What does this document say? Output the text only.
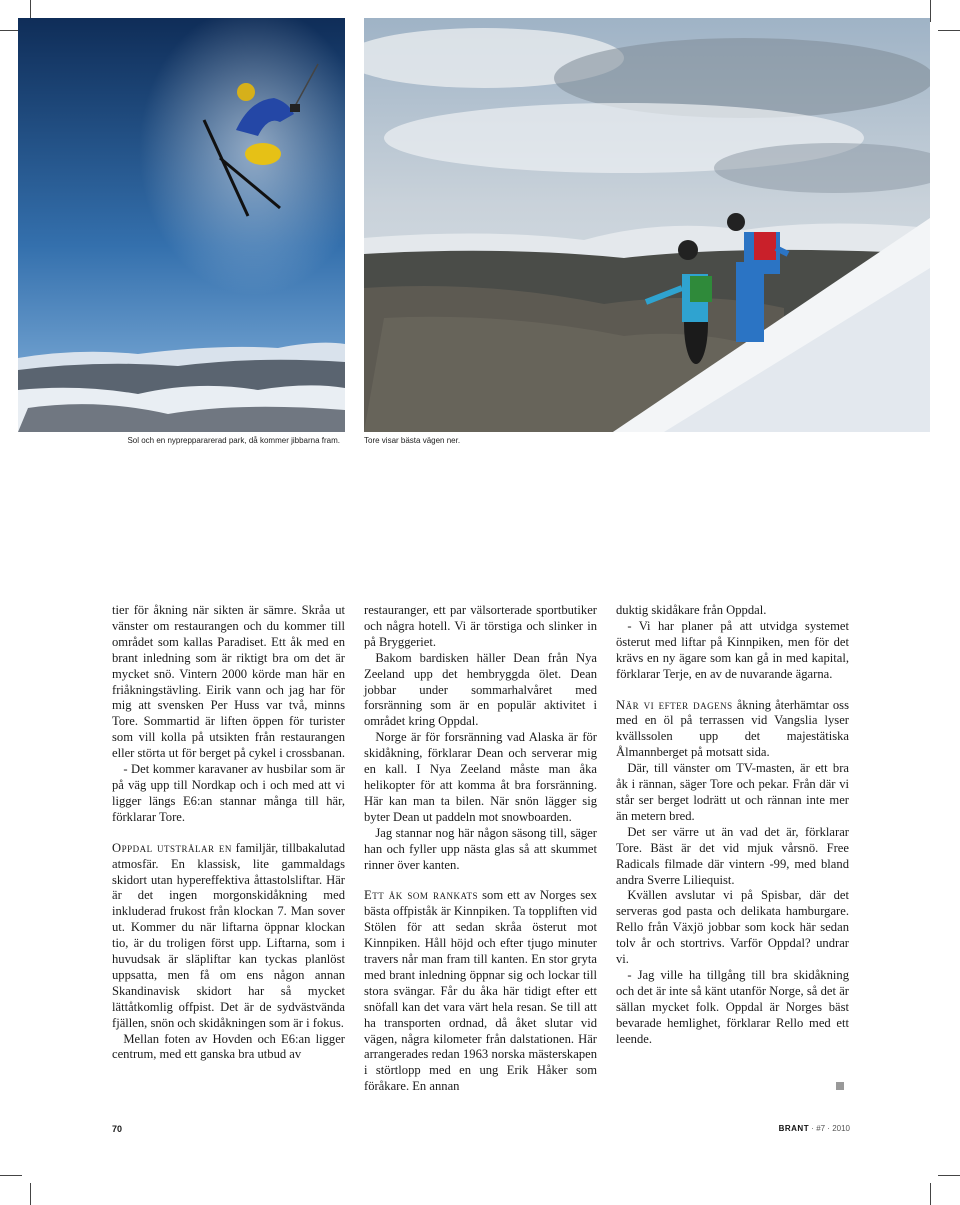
Sol och en nypreppararerad park, då kommer jibbarna fram.	Tore visar bästa vägen ner.

tier för åkning när sikten är sämre. Skråa ut vänster om restaurangen och du kommer till området som kallas Paradiset. Ett åk med en brant inledning som är riktigt bra om det är mycket snö. Vintern 2000 körde man här en friåkningstävling. Eirik vann och jag har för mig att svensken Per Huss var två, minns Tore. Sommartid är liften öppen för turister som vill kolla på utsikten från restaurangen eller störta ut för berget på cykel i crossbanan.

- Det kommer karavaner av husbilar som är på väg upp till Nordkap och i och med att vi ligger längs E6:an stannar många till här, förklarar Tore.

Oppdal utstrålar en familjär, tillbakalutad atmosfär. En klassisk, lite gammaldags skidort utan hypereffektiva åttastolsliftar. Här är det ingen morgonskidåkning med inkluderad frukost från klockan 7. Man sover ut. Kommer du när liftarna öppnar klockan tio, är du troligen först upp. Liftarna, som i huvudsak är släpliftar kan tyckas planlöst uppsatta, men få om ens någon annan Skandinavisk skidort har så mycket lättåtkomlig offpist. Det är de sydvästvända fjällen, snön och skidåkningen som är i fokus.

Mellan foten av Hovden och E6:an ligger centrum, med ett ganska bra utbud av

restauranger, ett par välsorterade sportbutiker och några hotell. Vi är törstiga och slinker in på Bryggeriet.

Bakom bardisken häller Dean från Nya Zeeland upp det hembryggda ölet. Dean jobbar under sommarhalvåret med forsränning som är en populär aktivitet i området kring Oppdal.

Norge är för forsränning vad Alaska är för skidåkning, förklarar Dean och serverar mig en kall. I Nya Zeeland måste man åka helikopter för att komma åt bra forsränning. Här kan man ta bilen. När snön lägger sig byter Dean ut paddeln mot snowboarden.

Jag stannar nog här någon säsong till, säger han och fyller upp nästa glas så att skummet rinner över kanten.

Ett åk som rankats som ett av Norges sex bästa offpiståk är Kinnpiken. Ta toppliften vid Stölen för att sedan skråa österut mot Kinnpiken. Håll höjd och efter tjugo minuter travers når man fram till kanten. En stor gryta med brant inledning öppnar sig och lockar till stora svängar. Får du åka här tidigt efter ett snöfall kan det vara värt hela resan. Se till att ha transporten ordnad, då åket slutar vid vägen, några kilometer från dalstationen. Här arrangerades redan 1963 norska mästerskapen i störtlopp med en ung Erik Håker som föråkare. En annan

duktig skidåkare från Oppdal.

- Vi har planer på att utvidga systemet österut med liftar på Kinnpiken, men för det krävs en ny ägare som kan gå in med kapital, förklarar Terje, en av de nuvarande ägarna.

När vi efter dagens åkning återhämtar oss med en öl på terrassen vid Vangslia lyser kvällssolen upp det majestätiska Ålmannberget på motsatt sida.

Där, till vänster om TV-masten, är ett bra åk i rännan, säger Tore och pekar. Från där vi står ser berget lodrätt ut och rännan inte mer än metern bred.

Det ser värre ut än vad det är, förklarar Tore. Bäst är det vid mjuk vårsnö. Free Radicals filmade där vintern -99, med bland andra Sverre Liliequist.

Kvällen avslutar vi på Spisbar, där det serveras god pasta och delikata hamburgare. Rello från Växjö jobbar som kock här sedan tolv år och stortrivs. Varför Oppdal? undrar vi.

- Jag ville ha tillgång till bra skidåkning och det är inte så känt utanför Norge, så det är sällan mycket folk. Oppdal är Norges bäst bevarade hemlighet, förklarar Rello med ett leende.

70	BRANT · #7 · 2010
